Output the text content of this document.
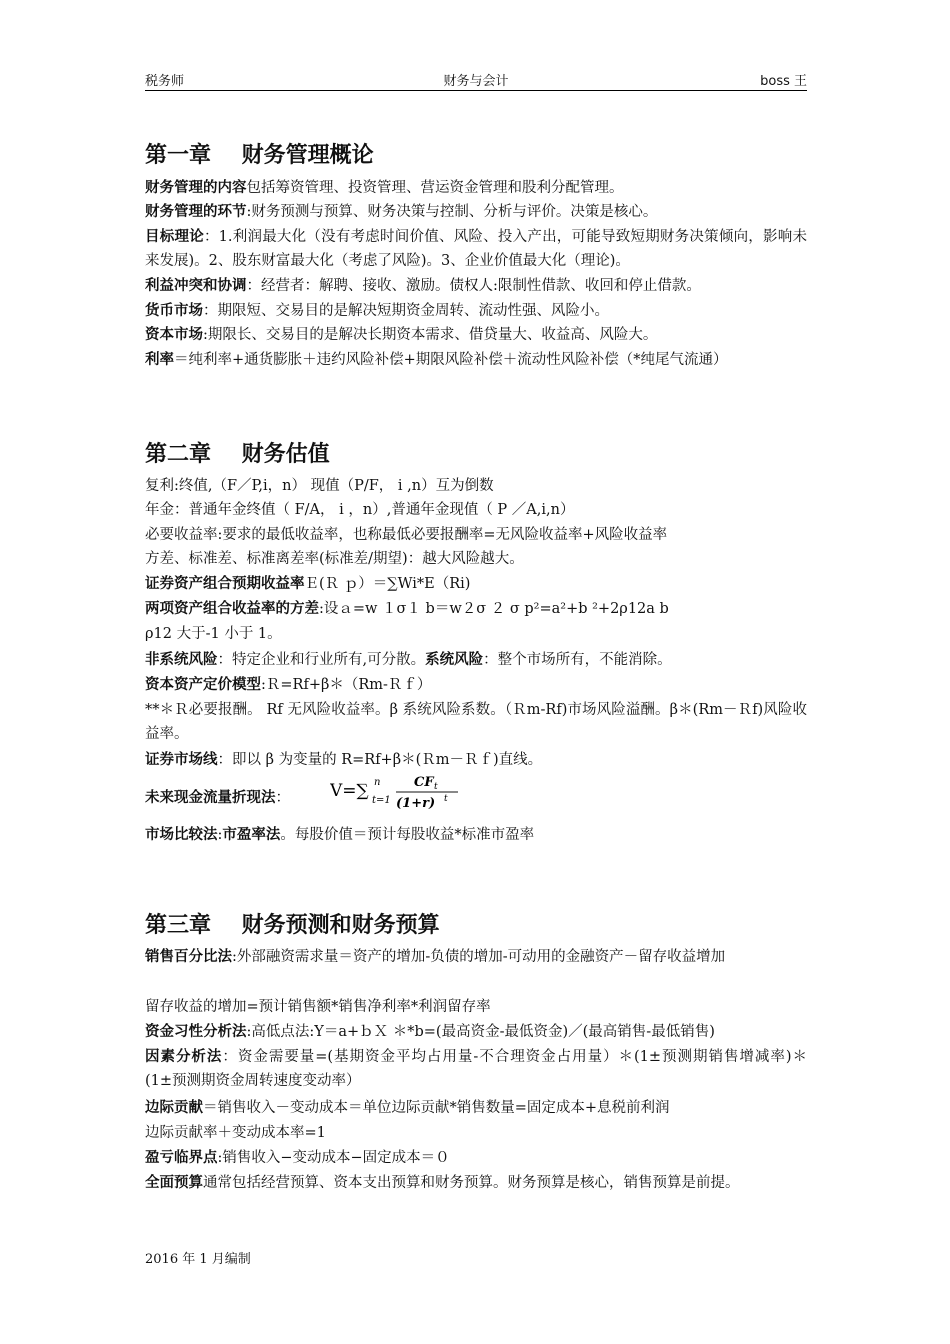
税务师	财务与会计	boss 王
第一章    财务管理概论
财务管理的内容包括筹资管理、投资管理、营运资金管理和股利分配管理。
财务管理的环节:财务预测与预算、财务决策与控制、分析与评价。决策是核心。
目标理论：1.利润最大化（没有考虑时间价值、风险、投入产出，可能导致短期财务决策倾向，影响未来发展)。2、股东财富最大化（考虑了风险)。3、企业价值最大化（理论)。
利益冲突和协调：经营者：解聘、接收、激励。债权人:限制性借款、收回和停止借款。
货币市场：期限短、交易目的是解决短期资金周转、流动性强、风险小。
资本市场:期限长、交易目的是解决长期资本需求、借贷量大、收益高、风险大。
利率＝纯利率+通货膨胀＋违约风险补偿+期限风险补偿＋流动性风险补偿（*纯尾气流通）
第二章    财务估值
复利:终值,（F／P,i，n） 现值（P/F， i ,n）互为倒数
年金：普通年金终值（ F/A， i ，n）,普通年金现值（ P ／A,i,n）
必要收益率:要求的最低收益率，也称最低必要报酬率=无风险收益率+风险收益率
方差、标准差、标准离差率(标准差/期望)：越大风险越大。
证券资产组合预期收益率Ｅ(Ｒ ｐ）＝∑Wi*E（Ri)
两项资产组合收益率的方差:设ａ=w １σ１ b＝w２σ ２ σ p²=a²+b ²+2ρ12a b
ρ12 大于-1 小于 1。
非系统风险：特定企业和行业所有,可分散。系统风险：整个市场所有，不能消除。
资本资产定价模型:Ｒ=Rf+β＊（Rm-Ｒｆ）
**＊Ｒ必要报酬。 Rf 无风险收益率。β 系统风险系数。（Ｒm-Rf)市场风险溢酬。β＊(Rm－Ｒf)风险收益率。
证券市场线：即以 β 为变量的 R=Rf+β＊(Ｒm－Ｒｆ)直线。
未来现金流量折现法：	V=∑ t=1
n	CF t
(1+r) t
市场比较法:市盈率法。每股价值＝预计每股收益*标准市盈率
第三章    财务预测和财务预算
销售百分比法:外部融资需求量＝资产的增加-负债的增加-可动用的金融资产－留存收益增加
留存收益的增加=预计销售额*销售净利率*利润留存率
资金习性分析法:高低点法:Y＝a+ｂＸ ＊*b=(最高资金-最低资金)／(最高销售-最低销售)
因素分析法：资金需要量=(基期资金平均占用量-不合理资金占用量）＊(1±预测期销售增减率)＊(1±预测期资金周转速度变动率）
边际贡献＝销售收入－变动成本＝单位边际贡献*销售数量=固定成本+息税前利润
边际贡献率＋变动成本率=1
盈亏临界点:销售收入−变动成本−固定成本＝０
全面预算通常包括经营预算、资本支出预算和财务预算。财务预算是核心，销售预算是前提。
2016 年 1 月编制
